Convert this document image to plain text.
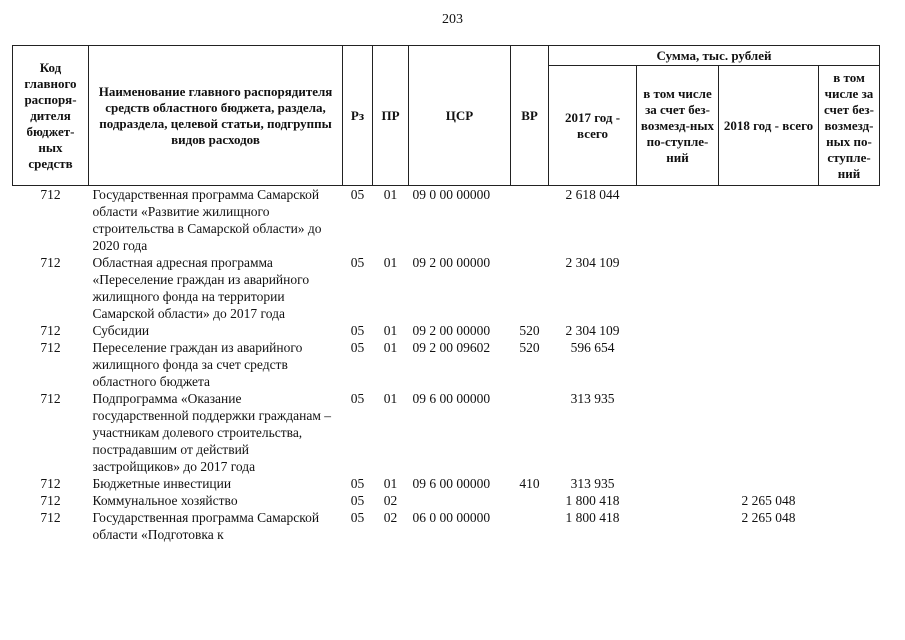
203
Код главного распоря-дителя бюджет-ных средств	Наименование главного распорядителя средств областного бюджета, раздела, подраздела, целевой статьи, подгруппы видов расходов	Рз	ПР	ЦСР	ВР	Сумма, тыс. рублей			
						2017 год - всего	в том числе за счет без-возмезд-ных по-ступле-ний	2018 год - всего	в том числе за счет без-возмезд-ных по-ступле-ний
712	Государственная программа Самарской области «Развитие жилищного строительства в Самарской области» до 2020 года	05	01	09 0 00 00000		2 618 044			
712	Областная адресная программа «Переселение граждан из аварийного жилищного фонда на территории Самарской области» до 2017 года	05	01	09 2 00 00000		2 304 109			
712	Субсидии	05	01	09 2 00 00000	520	2 304 109			
712	Переселение граждан из аварийного жилищного фонда за счет средств областного бюджета	05	01	09 2 00 09602	520	596 654			
712	Подпрограмма «Оказание государственной поддержки гражданам – участникам долевого строительства, пострадавшим от действий застройщиков» до 2017 года	05	01	09 6 00 00000		313 935			
712	Бюджетные инвестиции	05	01	09 6 00 00000	410	313 935			
712	Коммунальное хозяйство	05	02			1 800 418		2 265 048	
712	Государственная программа Самарской области «Подготовка к	05	02	06 0 00 00000		1 800 418		2 265 048	
